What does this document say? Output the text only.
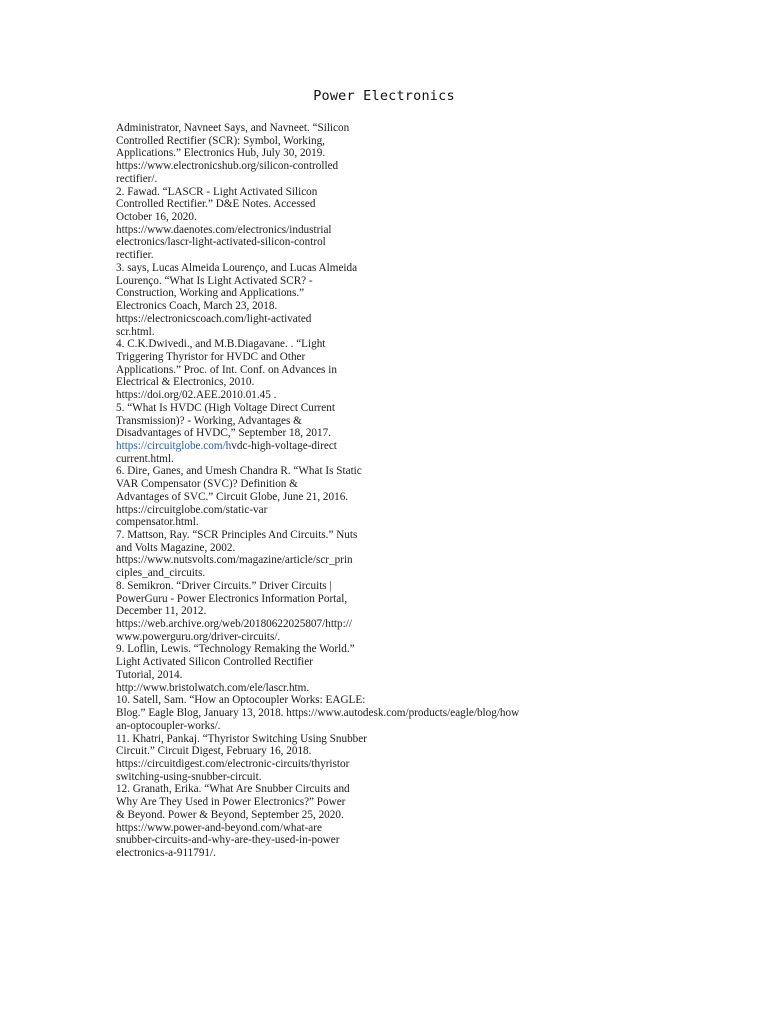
Power Electronics
Administrator, Navneet Says, and Navneet. “Silicon
Controlled Rectifier (SCR): Symbol, Working,
Applications.” Electronics Hub, July 30, 2019.
https://www.electronicshub.org/silicon-controlled
rectifier/.
2. Fawad. “LASCR - Light Activated Silicon
Controlled Rectifier.” D&E Notes. Accessed
October 16, 2020.
https://www.daenotes.com/electronics/industrial
electronics/lascr-light-activated-silicon-control
rectifier.
3. says, Lucas Almeida Lourenço, and Lucas Almeida
Lourenço. “What Is Light Activated SCR? -
Construction, Working and Applications.”
Electronics Coach, March 23, 2018.
https://electronicscoach.com/light-activated
scr.html.
4. C.K.Dwivedi., and M.B.Diagavane. . “Light
Triggering Thyristor for HVDC and Other
Applications.” Proc. of Int. Conf. on Advances in
Electrical & Electronics, 2010.
https://doi.org/02.AEE.2010.01.45 .
5. “What Is HVDC (High Voltage Direct Current
Transmission)? - Working, Advantages &
Disadvantages of HVDC,” September 18, 2017.
https://circuitglobe.com/hvdc-high-voltage-direct
current.html.
6. Dire, Ganes, and Umesh Chandra R. “What Is Static
VAR Compensator (SVC)? Definition &
Advantages of SVC.” Circuit Globe, June 21, 2016.
https://circuitglobe.com/static-var
compensator.html.
7. Mattson, Ray. “SCR Principles And Circuits.” Nuts
and Volts Magazine, 2002.
https://www.nutsvolts.com/magazine/article/scr_prin
ciples_and_circuits.
8. Semikron. “Driver Circuits.” Driver Circuits |
PowerGuru - Power Electronics Information Portal,
December 11, 2012.
https://web.archive.org/web/20180622025807/http://
www.powerguru.org/driver-circuits/.
9. Loflin, Lewis. “Technology Remaking the World.”
Light Activated Silicon Controlled Rectifier
Tutorial, 2014.
http://www.bristolwatch.com/ele/lascr.htm.
10. Satell, Sam. “How an Optocoupler Works: EAGLE:
Blog.” Eagle Blog, January 13, 2018. https://www.autodesk.com/products/eagle/blog/how
an-optocoupler-works/.
11. Khatri, Pankaj. “Thyristor Switching Using Snubber
Circuit.” Circuit Digest, February 16, 2018.
https://circuitdigest.com/electronic-circuits/thyristor
switching-using-snubber-circuit.
12. Granath, Erika. “What Are Snubber Circuits and
Why Are They Used in Power Electronics?” Power
& Beyond. Power & Beyond, September 25, 2020.
https://www.power-and-beyond.com/what-are
snubber-circuits-and-why-are-they-used-in-power
electronics-a-911791/.
